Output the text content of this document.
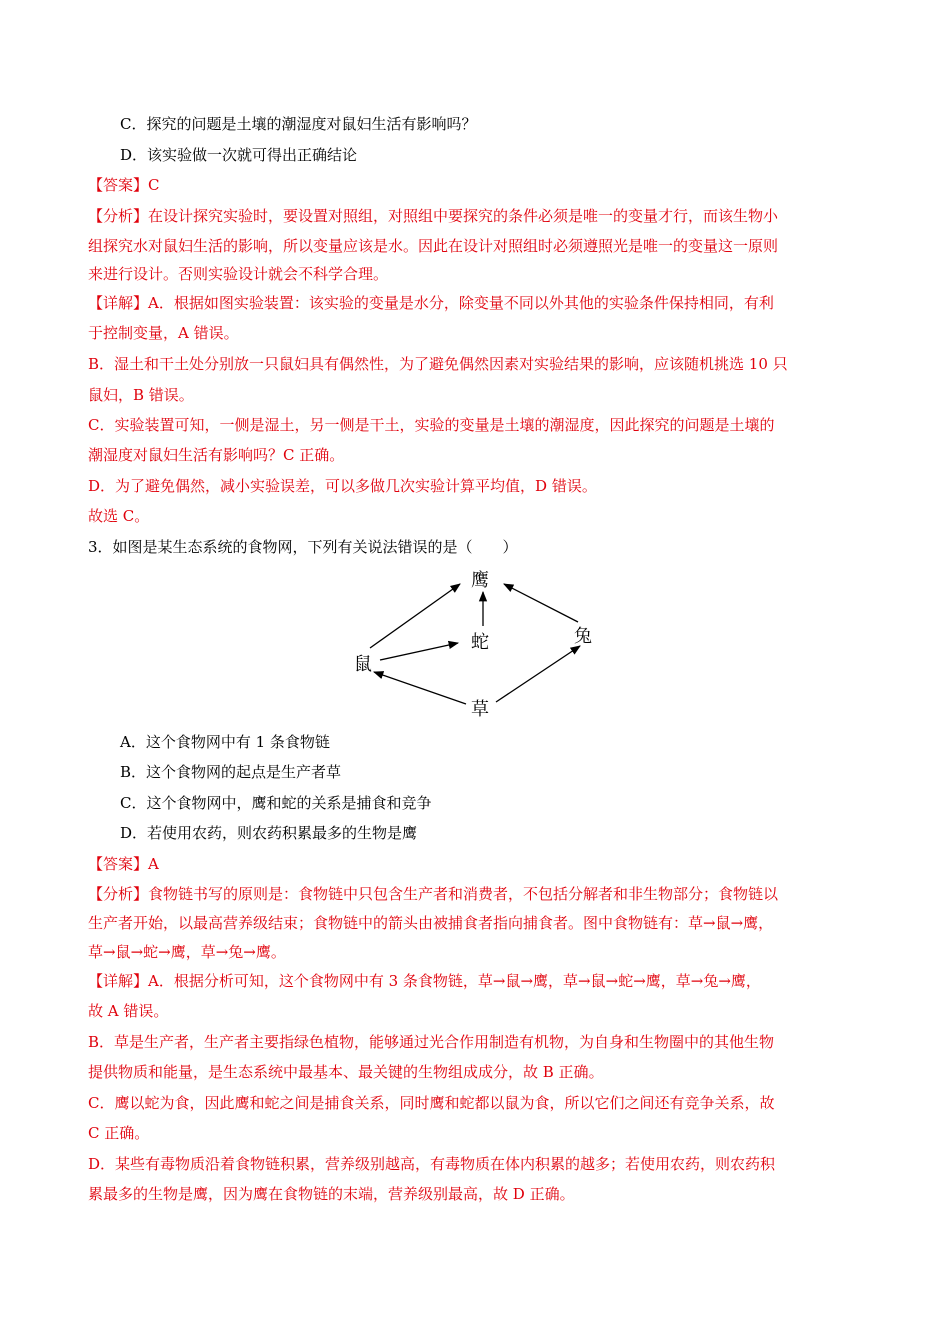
C．探究的问题是土壤的潮湿度对鼠妇生活有影响吗？
D．该实验做一次就可得出正确结论
【答案】C
【分析】在设计探究实验时，要设置对照组，对照组中要探究的条件必须是唯一的变量才行，而该生物小
组探究水对鼠妇生活的影响，所以变量应该是水。因此在设计对照组时必须遵照光是唯一的变量这一原则
来进行设计。否则实验设计就会不科学合理。
【详解】A．根据如图实验装置：该实验的变量是水分，除变量不同以外其他的实验条件保持相同，有利
于控制变量，A 错误。
B．湿土和干土处分别放一只鼠妇具有偶然性，为了避免偶然因素对实验结果的影响，应该随机挑选 10 只
鼠妇，B 错误。
C．实验装置可知，一侧是湿土，另一侧是干土，实验的变量是土壤的潮湿度，因此探究的问题是土壤的
潮湿度对鼠妇生活有影响吗？C 正确。
D．为了避免偶然，减小实验误差，可以多做几次实验计算平均值，D 错误。
故选 C。
3．如图是某生态系统的食物网，下列有关说法错误的是（　　）
鹰
蛇	兔
鼠
草
A．这个食物网中有 1 条食物链
B．这个食物网的起点是生产者草
C．这个食物网中，鹰和蛇的关系是捕食和竞争
D．若使用农药，则农药积累最多的生物是鹰
【答案】A
【分析】食物链书写的原则是：食物链中只包含生产者和消费者，不包括分解者和非生物部分；食物链以
生产者开始，以最高营养级结束；食物链中的箭头由被捕食者指向捕食者。图中食物链有：草→鼠→鹰，
草→鼠→蛇→鹰，草→兔→鹰。
【详解】A．根据分析可知，这个食物网中有 3 条食物链，草→鼠→鹰，草→鼠→蛇→鹰，草→兔→鹰，
故 A 错误。
B．草是生产者，生产者主要指绿色植物，能够通过光合作用制造有机物，为自身和生物圈中的其他生物
提供物质和能量，是生态系统中最基本、最关键的生物组成成分，故 B 正确。
C．鹰以蛇为食，因此鹰和蛇之间是捕食关系，同时鹰和蛇都以鼠为食，所以它们之间还有竞争关系，故
C 正确。
D．某些有毒物质沿着食物链积累，营养级别越高，有毒物质在体内积累的越多；若使用农药，则农药积
累最多的生物是鹰，因为鹰在食物链的末端，营养级别最高，故 D 正确。
